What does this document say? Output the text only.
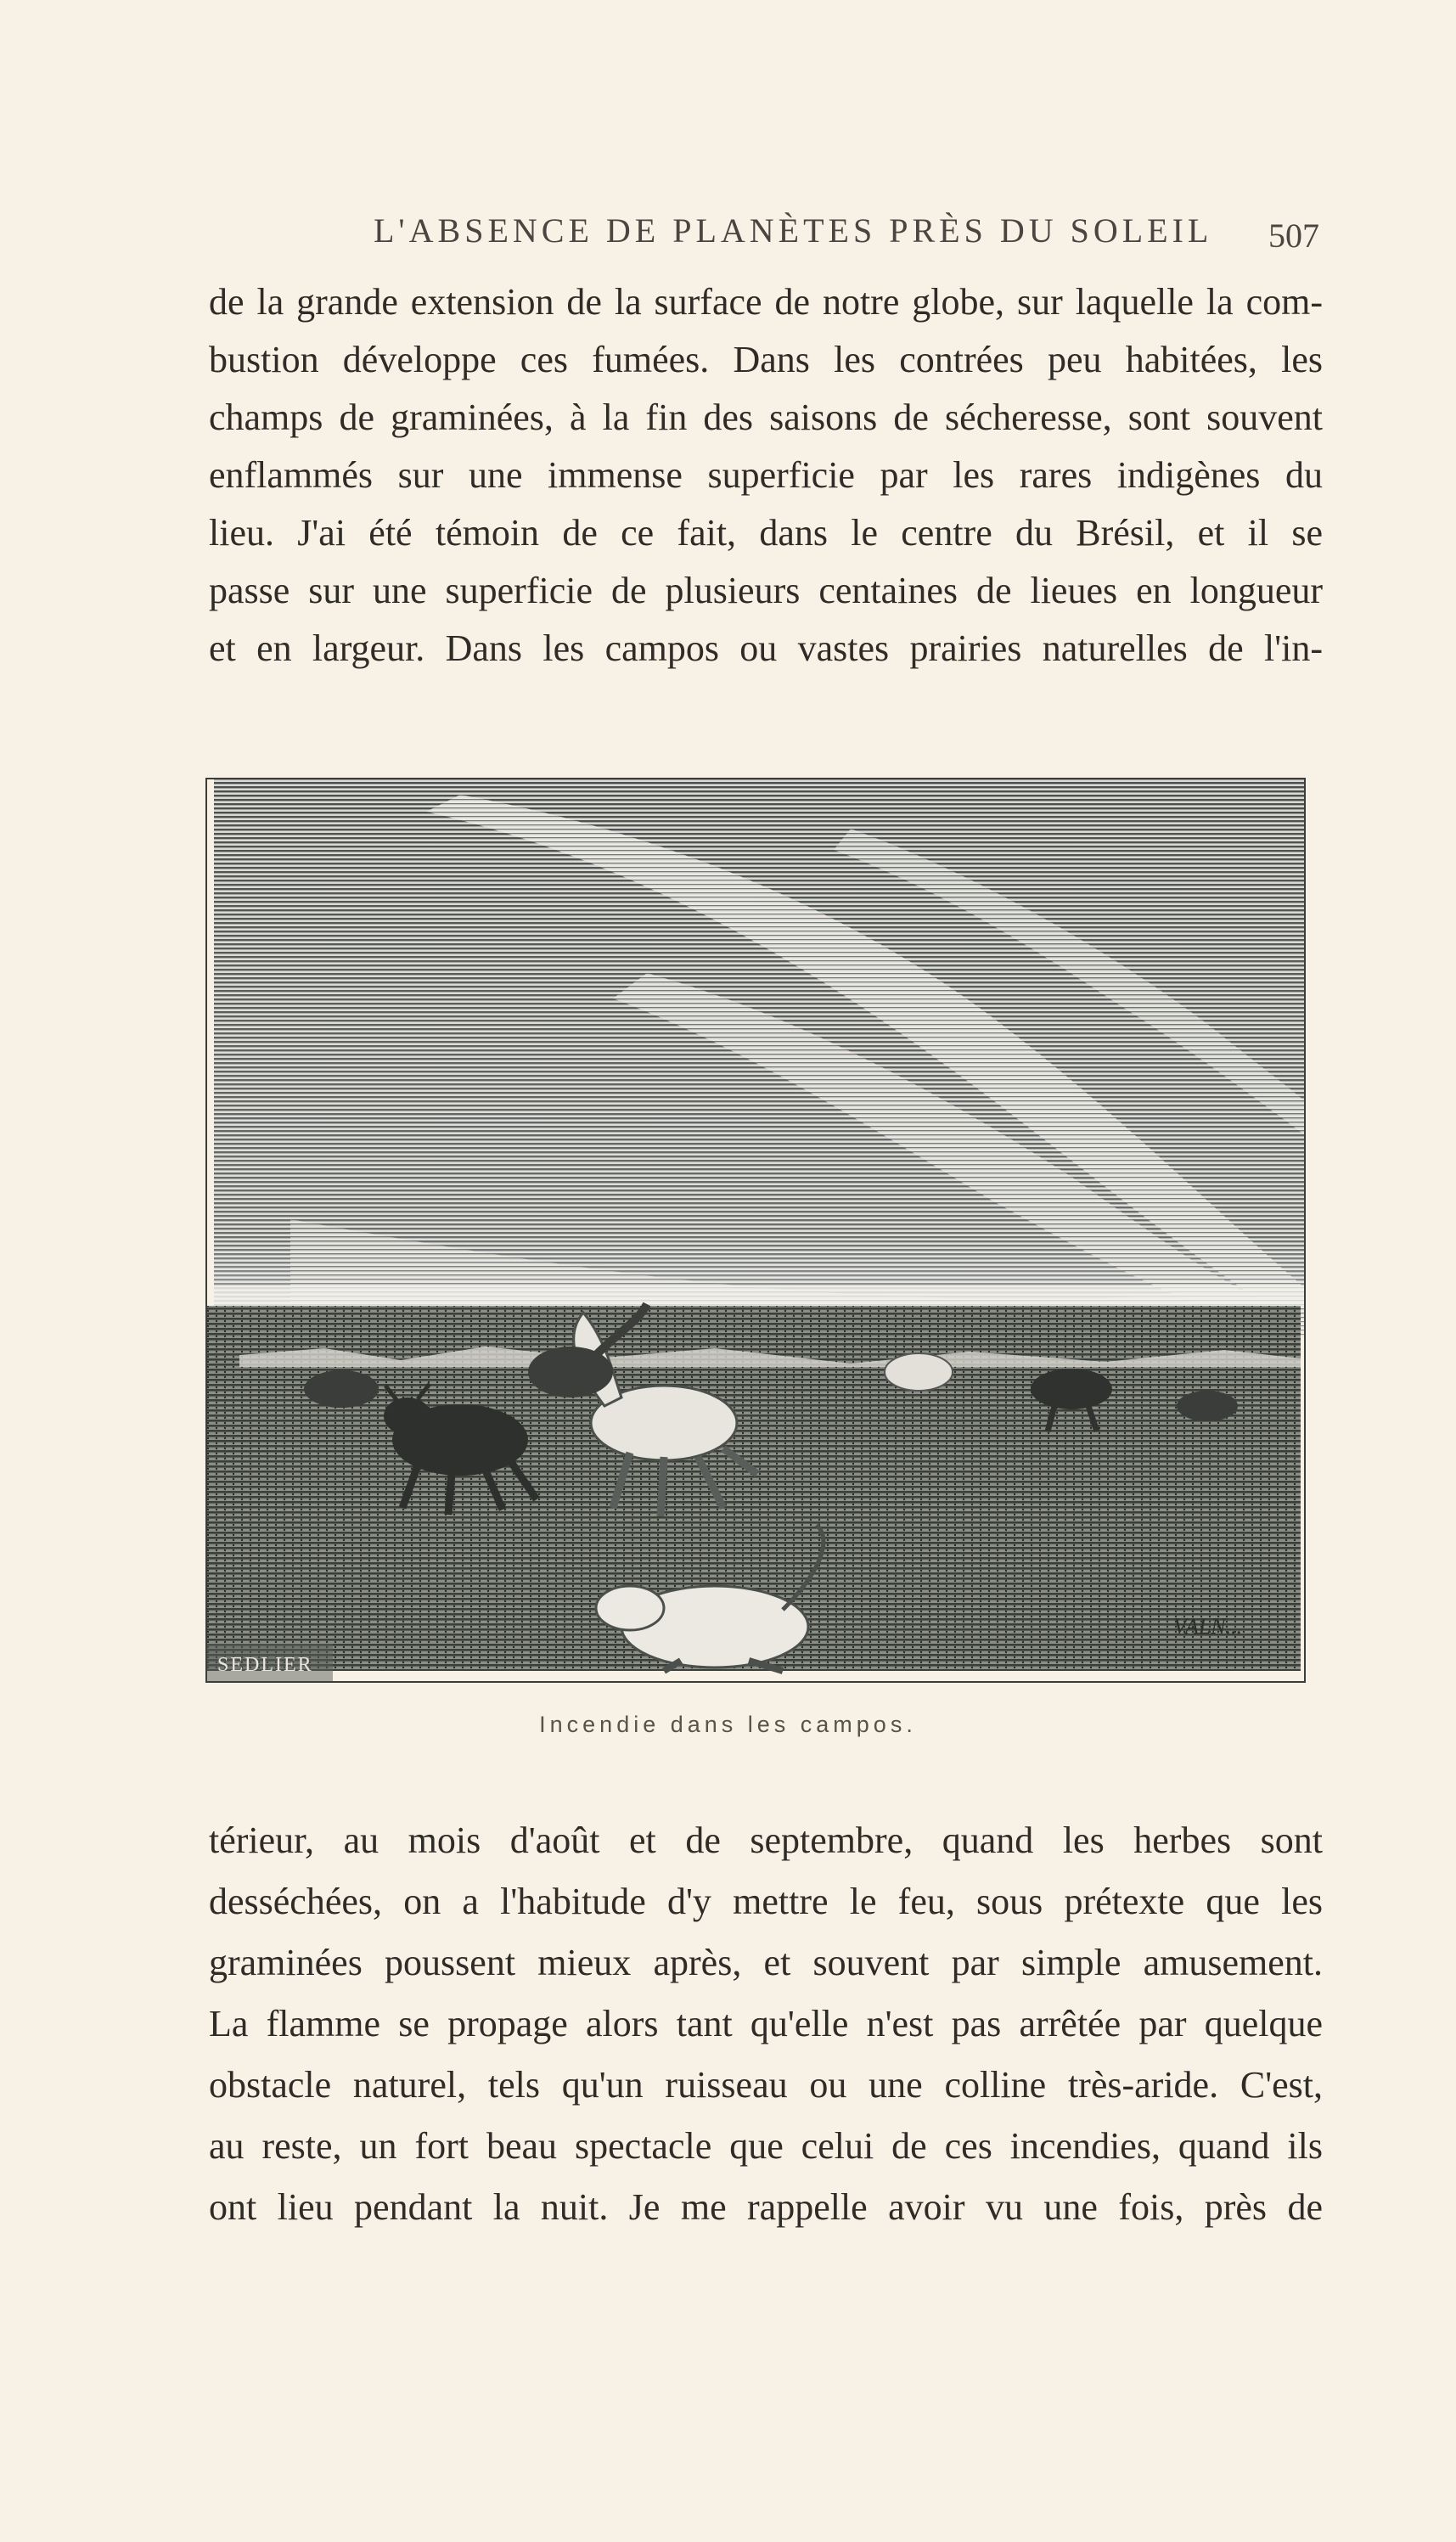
L'ABSENCE DE PLANÈTES PRÈS DU SOLEIL 507
de la grande extension de la surface de notre globe, sur laquelle la com-
bustion développe ces fumées. Dans les contrées peu habitées, les
champs de graminées, à la fin des saisons de sécheresse, sont souvent
enflammés sur une immense superficie par les rares indigènes du
lieu. J'ai été témoin de ce fait, dans le centre du Brésil, et il se
passe sur une superficie de plusieurs centaines de lieues en longueur
et en largeur. Dans les campos ou vastes prairies naturelles de l'in-
SEDLIER
VALN...
Incendie dans les campos.
térieur, au mois d'août et de septembre, quand les herbes sont
desséchées, on a l'habitude d'y mettre le feu, sous prétexte que les
graminées poussent mieux après, et souvent par simple amusement.
La flamme se propage alors tant qu'elle n'est pas arrêtée par quelque
obstacle naturel, tels qu'un ruisseau ou une colline très-aride. C'est,
au reste, un fort beau spectacle que celui de ces incendies, quand ils
ont lieu pendant la nuit. Je me rappelle avoir vu une fois, près de
